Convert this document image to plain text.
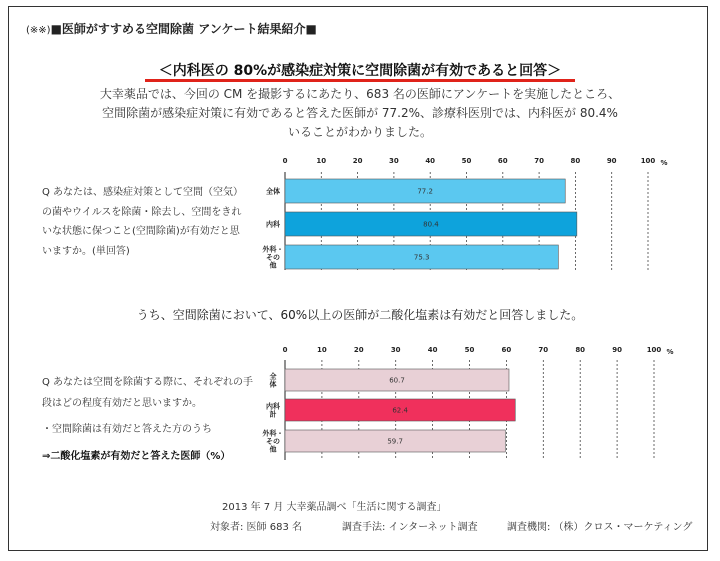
(※※)■医師がすすめる空間除菌 アンケート結果紹介■
＜内科医の 80%が感染症対策に空間除菌が有効であると回答＞
大幸薬品では、今回の CM を撮影するにあたり、683 名の医師にアンケートを実施したところ、
空間除菌が感染症対策に有効であると答えた医師が 77.2%、診療科医別では、内科医が 80.4%
いることがわかりました。
Q あなたは、感染症対策として空間（空気）の菌やウイルスを除菌・除去し、空間をきれいな状態に保つこと(空間除菌)が有効だと思いますか。(単回答)
うち、空間除菌において、60%以上の医師が二酸化塩素は有効だと回答しました。
Q あなたは空間を除菌する際に、それぞれの手段はどの程度有効だと思いますか。
・空間除菌は有効だと答えた方のうち
⇒二酸化塩素が有効だと答えた医師（%）
2013 年 7 月 大幸薬品調べ「生活に関する調査」
対象者: 医師 683 名	調査手法: インターネット調査	調査機関: （株）クロス・マーケティング
0	10	20	30	40	50	60	70	80	90	100 %
77.2
全体
80.4
内科
75.3
外科・その他
0	10	20	30	40	50	60	70	80	90	100 %
60.7
全体
62.4
内科計
59.7
外科・その他
